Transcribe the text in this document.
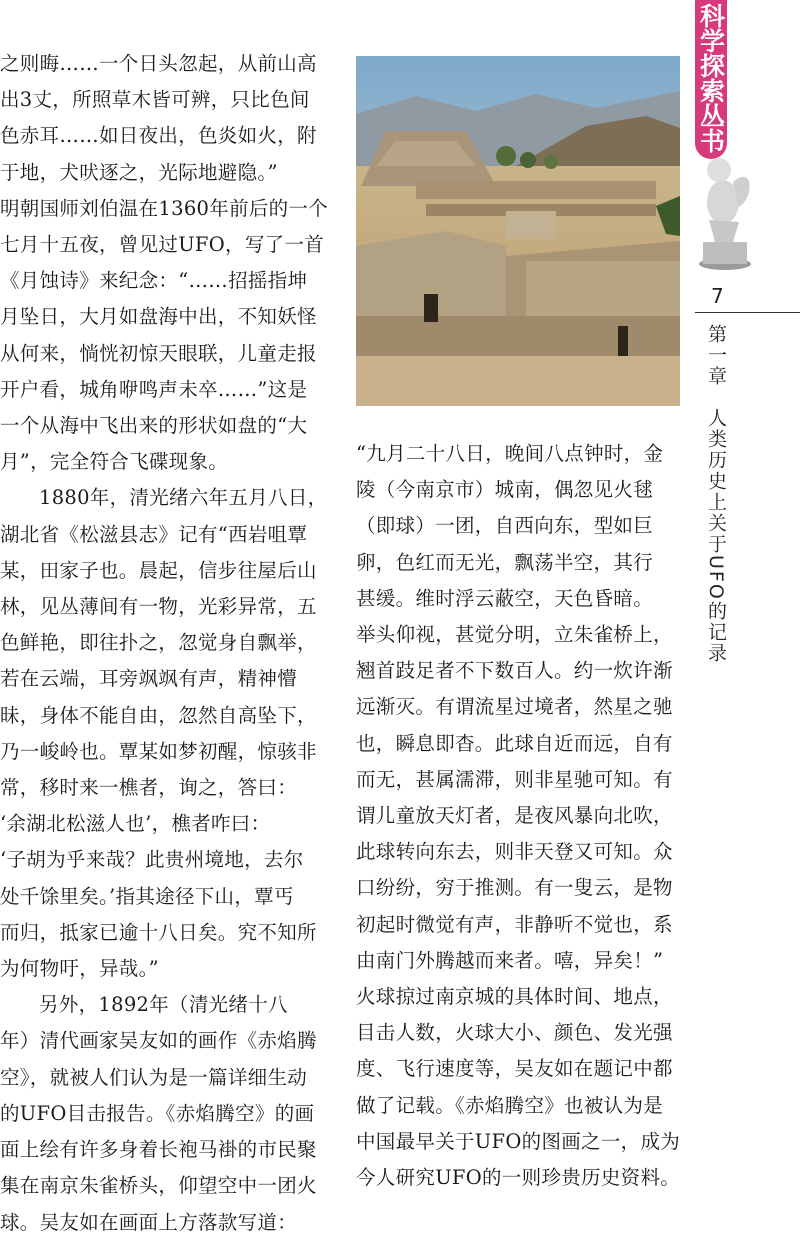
之则晦……一个日头忽起，从前山高
出3丈，所照草木皆可辨，只比色间
色赤耳……如日夜出，色炎如火，附
于地，犬吠逐之，光际地避隐。”
明朝国师刘伯温在1360年前后的一个
七月十五夜，曾见过UFO，写了一首
《月蚀诗》来纪念：“……招摇指坤
月坠日，大月如盘海中出，不知妖怪
从何来，惝恍初惊天眼联，儿童走报
开户看，城角咿鸣声未卒……”这是
一个从海中飞出来的形状如盘的“大
月”，完全符合飞碟现象。

1880年，清光绪六年五月八日，
湖北省《松滋县志》记有“西岩咀覃
某，田家子也。晨起，信步往屋后山
林，见丛薄间有一物，光彩异常，五
色鲜艳，即往扑之，忽觉身自飘举，
若在云端，耳旁飒飒有声，精神懵
昧，身体不能自由，忽然自高坠下，
乃一峻岭也。覃某如梦初醒，惊骇非
常，移时来一樵者，询之，答曰：
‘余湖北松滋人也’，樵者咋曰：
‘子胡为乎来哉？此贵州境地，去尔
处千馀里矣。’指其途径下山，覃丐
而归，抵家已逾十八日矣。究不知所
为何物吁，异哉。”

另外，1892年（清光绪十八
年）清代画家吴友如的画作《赤焰腾
空》，就被人们认为是一篇详细生动
的UFO目击报告。《赤焰腾空》的画
面上绘有许多身着长袍马褂的市民聚
集在南京朱雀桥头，仰望空中一团火
球。吴友如在画面上方落款写道：

“九月二十八日，晚间八点钟时，金
陵（今南京市）城南，偶忽见火毬
（即球）一团，自西向东，型如巨
卵，色红而无光，飘荡半空，其行
甚缓。维时浮云蔽空，天色昏暗。
举头仰视，甚觉分明，立朱雀桥上，
翘首跂足者不下数百人。约一炊许渐
远渐灭。有谓流星过境者，然星之驰
也，瞬息即杳。此球自近而远，自有
而无，甚属濡滞，则非星驰可知。有
谓儿童放天灯者，是夜风暴向北吹，
此球转向东去，则非天登又可知。众
口纷纷，穷于推测。有一叟云，是物
初起时微觉有声，非静听不觉也，系
由南门外腾越而来者。嘻，异矣！”
火球掠过南京城的具体时间、地点，
目击人数，火球大小、颜色、发光强
度、飞行速度等，吴友如在题记中都
做了记载。《赤焰腾空》也被认为是
中国最早关于UFO的图画之一，成为
今人研究UFO的一则珍贵历史资料。

科学探索丛书
7
第一章　人类历史上关于UFO的记录
